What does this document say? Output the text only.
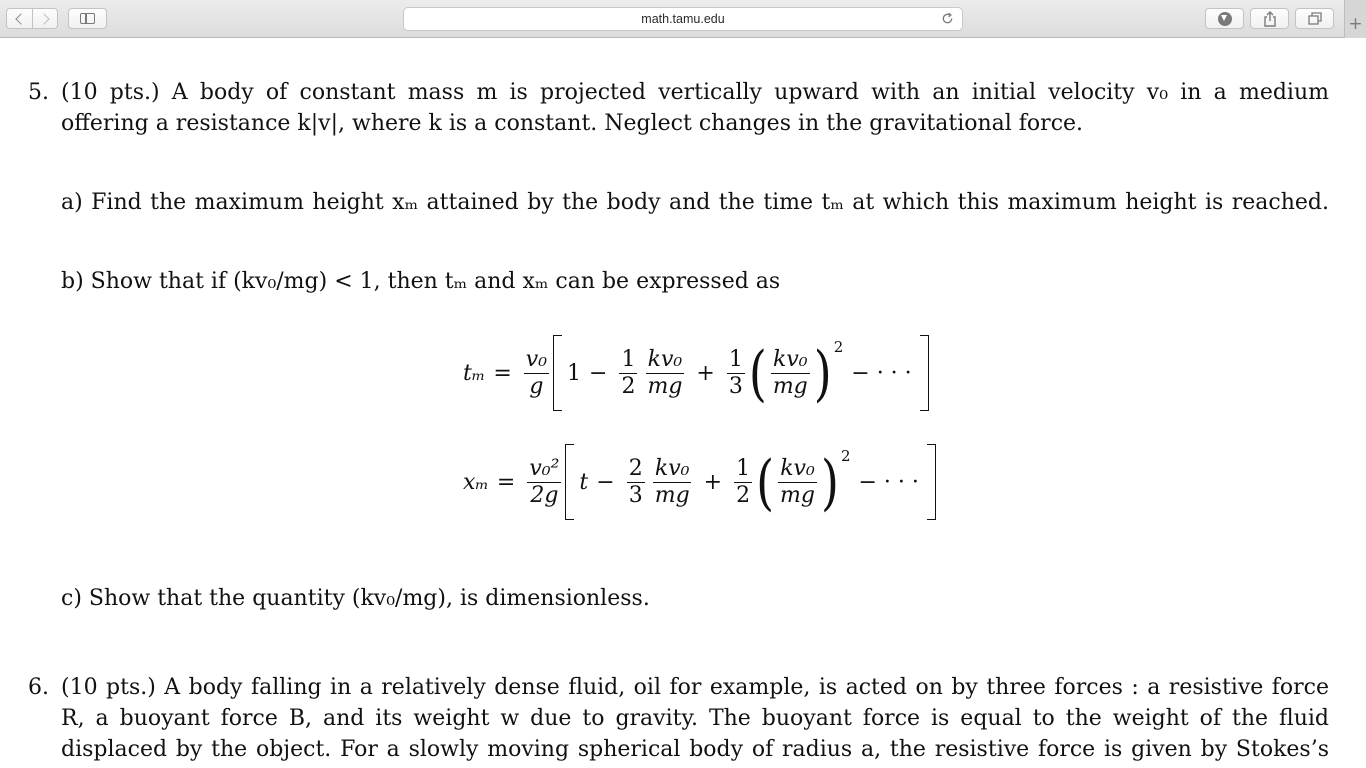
math.tamu.edu	+
5. (10 pts.) A body of constant mass m is projected vertically upward with an initial velocity v₀ in a medium
offering a resistance k|v|, where k is a constant. Neglect changes in the gravitational force.
a) Find the maximum height xₘ attained by the body and the time tₘ at which this maximum height is reached.
b) Show that if (kv₀/mg) < 1, then tₘ and xₘ can be expressed as
$t_m = \frac{\text{v₀}}{g} 1 - \frac{1}{2} \frac{\text{kv₀}}{mg} + \frac{1}{3}$ ( $\frac{\text{kv₀}}{mg}$ ) 2
− · · ·
$x_m = \frac{\text{v₀²}}{2g}$ $t - \frac{2}{3} \frac{\text{kv₀}}{mg} + \frac{1}{2}$ ( $\frac{\text{kv₀}}{mg}$ ) 2
− · · ·
c) Show that the quantity (kv₀/mg), is dimensionless.
6. (10 pts.) A body falling in a relatively dense fluid, oil for example, is acted on by three forces : a resistive force
R, a buoyant force B, and its weight w due to gravity. The buoyant force is equal to the weight of the fluid
displaced by the object. For a slowly moving spherical body of radius a, the resistive force is given by Stokes’s
